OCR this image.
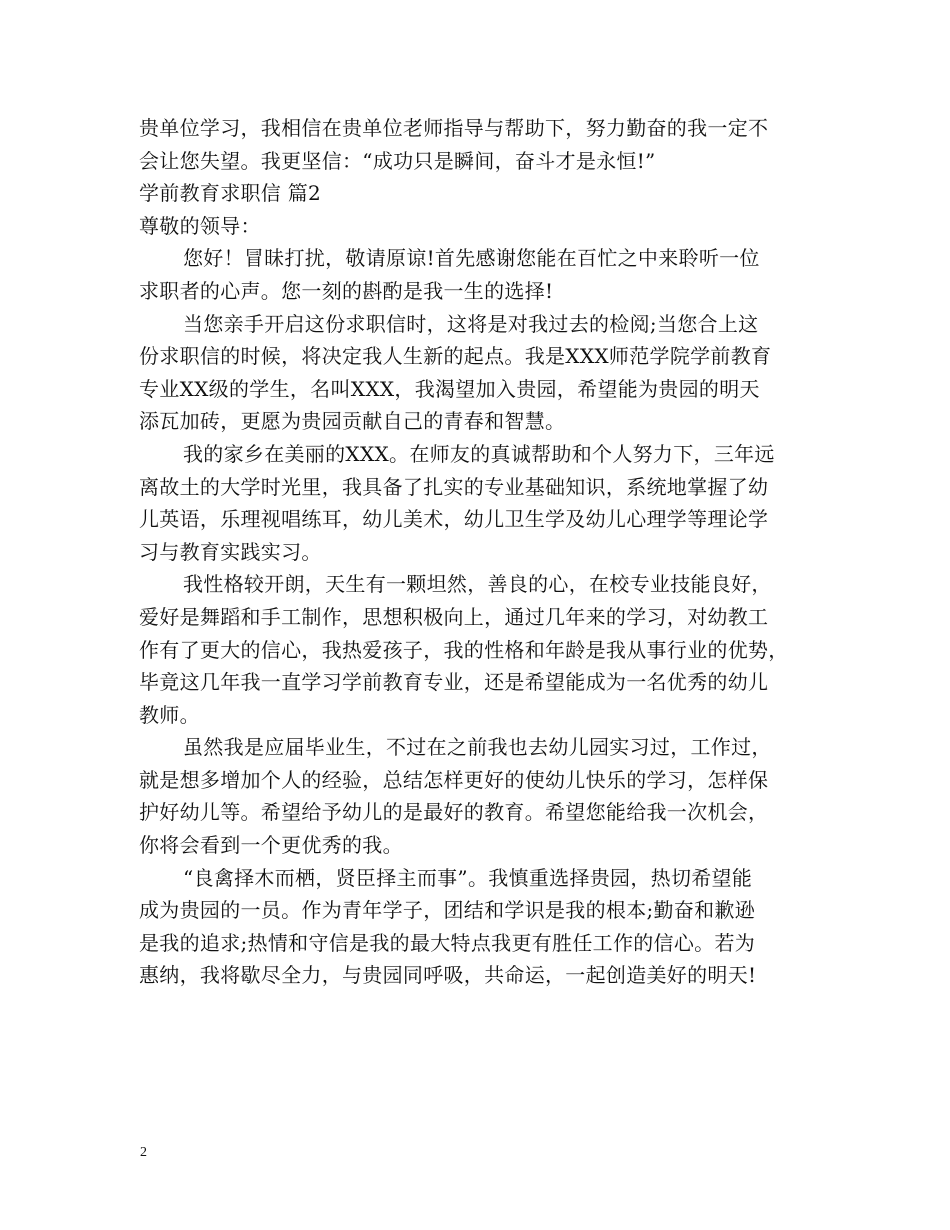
贵单位学习，我相信在贵单位老师指导与帮助下，努力勤奋的我一定不
会让您失望。我更坚信：“成功只是瞬间，奋斗才是永恒!”
学前教育求职信 篇2
尊敬的领导：
您好！冒昧打扰，敬请原谅!首先感谢您能在百忙之中来聆听一位
求职者的心声。您一刻的斟酌是我一生的选择!
当您亲手开启这份求职信时，这将是对我过去的检阅;当您合上这
份求职信的时候，将决定我人生新的起点。我是XXX师范学院学前教育
专业XX级的学生，名叫XXX，我渴望加入贵园，希望能为贵园的明天
添瓦加砖，更愿为贵园贡献自己的青春和智慧。
我的家乡在美丽的XXX。在师友的真诚帮助和个人努力下，三年远
离故土的大学时光里，我具备了扎实的专业基础知识，系统地掌握了幼
儿英语，乐理视唱练耳，幼儿美术，幼儿卫生学及幼儿心理学等理论学
习与教育实践实习。
我性格较开朗，天生有一颗坦然，善良的心，在校专业技能良好，
爱好是舞蹈和手工制作，思想积极向上，通过几年来的学习，对幼教工
作有了更大的信心，我热爱孩子，我的性格和年龄是我从事行业的优势，
毕竟这几年我一直学习学前教育专业，还是希望能成为一名优秀的幼儿
教师。
虽然我是应届毕业生，不过在之前我也去幼儿园实习过，工作过，
就是想多增加个人的经验，总结怎样更好的使幼儿快乐的学习，怎样保
护好幼儿等。希望给予幼儿的是最好的教育。希望您能给我一次机会，
你将会看到一个更优秀的我。
“良禽择木而栖，贤臣择主而事”。我慎重选择贵园，热切希望能
成为贵园的一员。作为青年学子，团结和学识是我的根本;勤奋和歉逊
是我的追求;热情和守信是我的最大特点我更有胜任工作的信心。若为
惠纳，我将歇尽全力，与贵园同呼吸，共命运，一起创造美好的明天!
2
